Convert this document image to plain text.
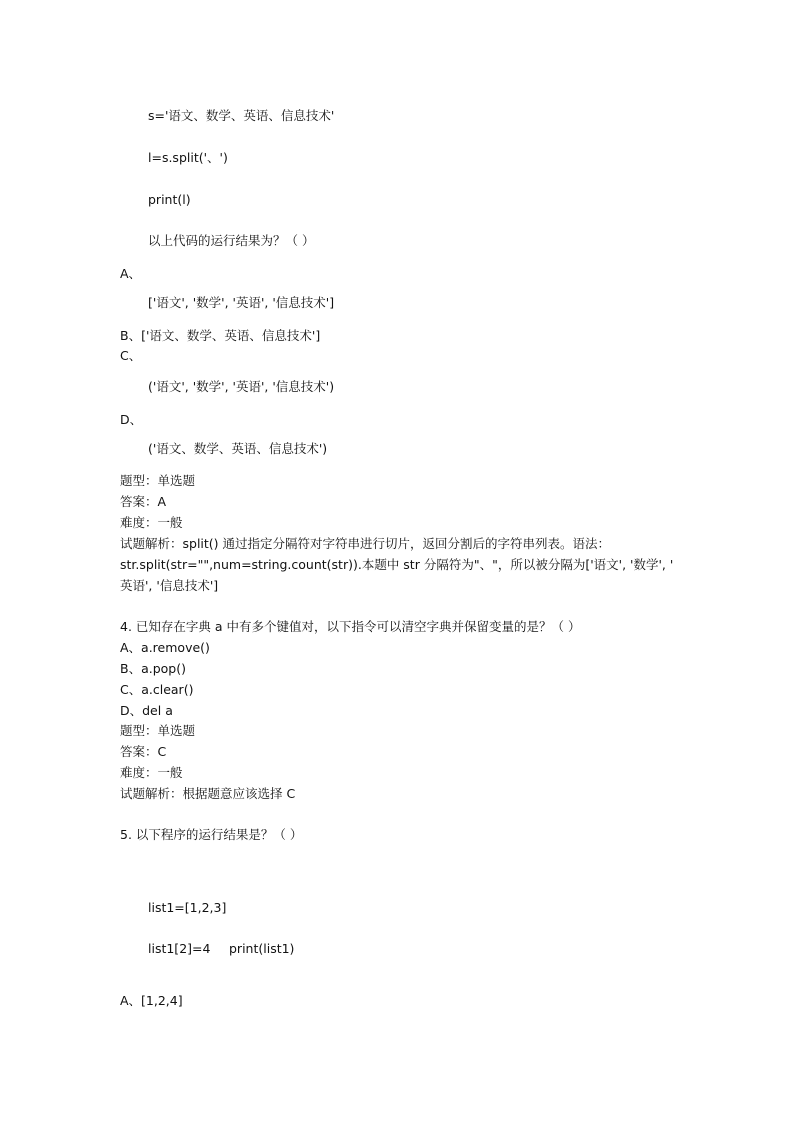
s='语文、数学、英语、信息技术'

l=s.split('、')

print(l)

以上代码的运行结果为？（ ）

A、

['语文', '数学', '英语', '信息技术']

B、['语文、数学、英语、信息技术']

C、

('语文', '数学', '英语', '信息技术')

D、

('语文、数学、英语、信息技术')

题型：单选题

答案：A

难度：一般

试题解析：split() 通过指定分隔符对字符串进行切片，返回分割后的字符串列表。语法：

str.split(str="",num=string.count(str)).本题中 str 分隔符为"、"，所以被分隔为['语文', '数学', '

英语', '信息技术']

4. 已知存在字典 a 中有多个键值对，以下指令可以清空字典并保留变量的是？（ ）

A、a.remove()

B、a.pop()

C、a.clear()

D、del a

题型：单选题

答案：C

难度：一般

试题解析：根据题意应该选择 C

5. 以下程序的运行结果是？（ ）

list1=[1,2,3]

list1[2]=4 print(list1)

A、[1,2,4]
